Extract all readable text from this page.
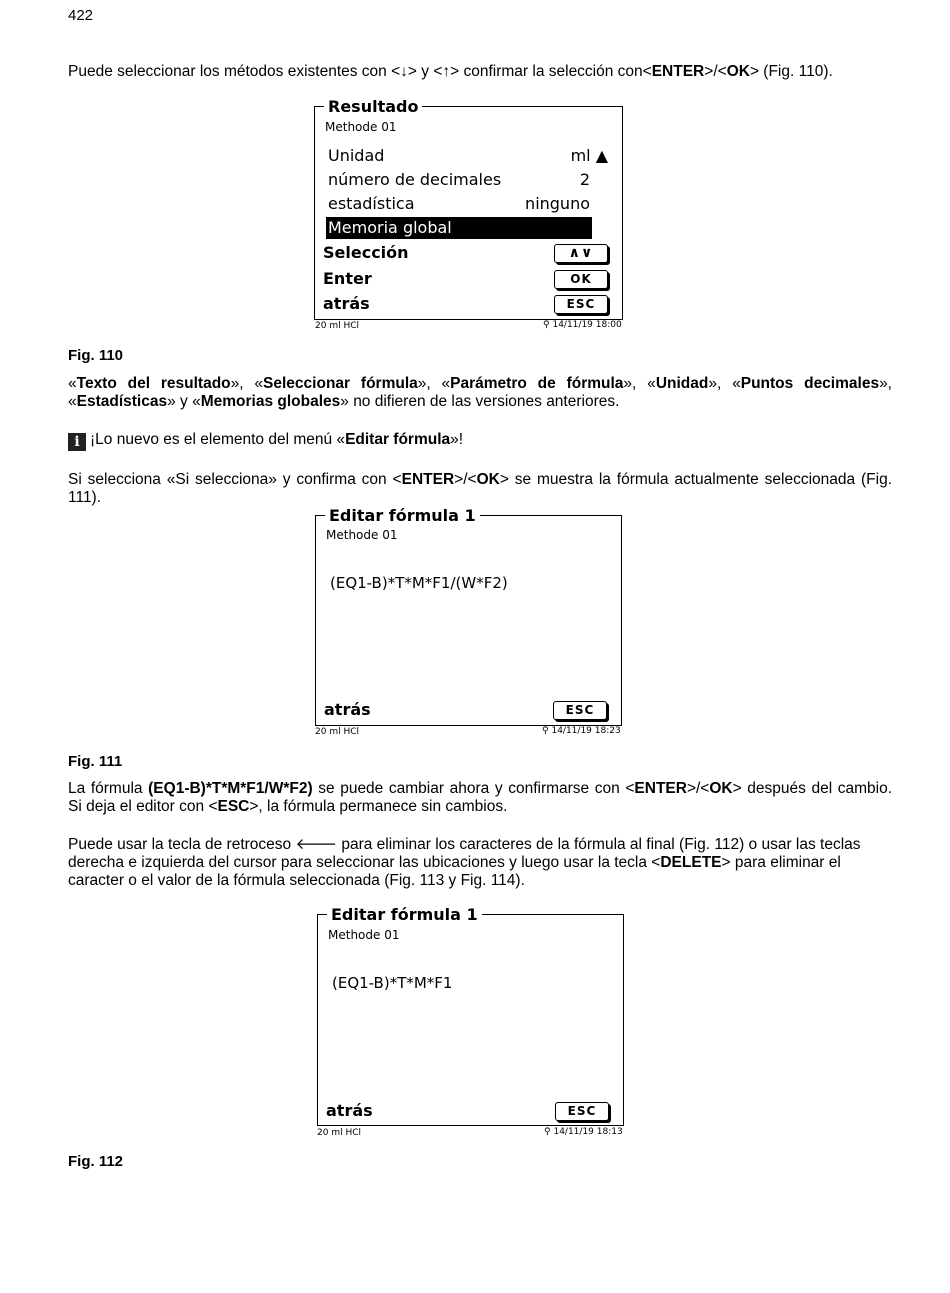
422
Puede seleccionar los métodos existentes con <↓> y <↑> confirmar la selección con<ENTER>/<OK> (Fig. 110).
Resultado
Methode 01
Unidad	ml ▲
número de decimales	2
estadística	ninguno
Memoria global
Selección	∧∨
Enter	OK
atrás	ESC
20 ml HCl	⚲ 14/11/19 18:00
Fig. 110
«Texto del resultado», «Seleccionar fórmula», «Parámetro de fórmula», «Unidad», «Puntos decimales», «Estadísticas» y «Memorias globales» no difieren de las versiones anteriores.
i ¡Lo nuevo es el elemento del menú «Editar fórmula»!
Si selecciona «Si selecciona» y confirma con <ENTER>/<OK> se muestra la fórmula actualmente seleccionada (Fig. 111).
Editar fórmula 1
Methode 01
(EQ1-B)*T*M*F1/(W*F2)
atrás	ESC
20 ml HCl	⚲ 14/11/19 18:23
Fig. 111
La fórmula (EQ1-B)*T*M*F1/W*F2) se puede cambiar ahora y confirmarse con <ENTER>/<OK> después del cambio. Si deja el editor con <ESC>, la fórmula permanece sin cambios.
Puede usar la tecla de retroceso 🡐 para eliminar los caracteres de la fórmula al final (Fig. 112) o usar las teclas derecha e izquierda del cursor para seleccionar las ubicaciones y luego usar la tecla <DELETE> para eliminar el caracter o el valor de la fórmula seleccionada (Fig. 113 y Fig. 114).
Editar fórmula 1
Methode 01
(EQ1-B)*T*M*F1
atrás	ESC
20 ml HCl	⚲ 14/11/19 18:13
Fig. 112
